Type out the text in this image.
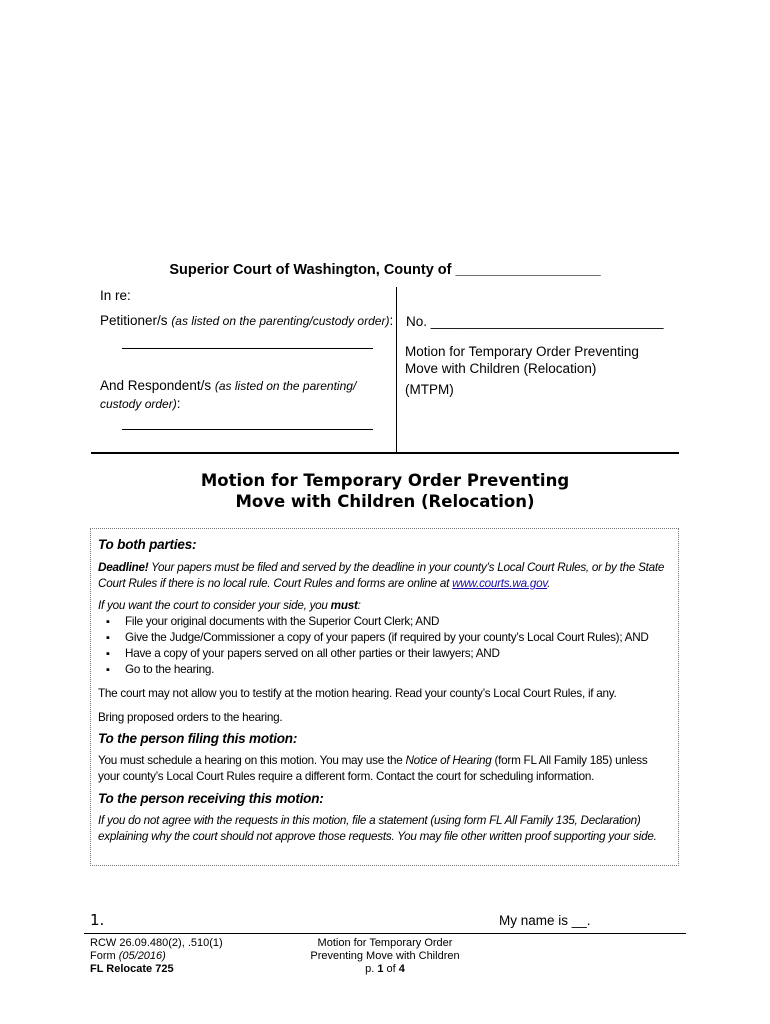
Superior Court of Washington, County of __________________
In re:
Petitioner/s (as listed on the parenting/custody order):
And Respondent/s (as listed on the parenting/ custody order):
No. _______________________________
Motion for Temporary Order Preventing
Move with Children (Relocation)
(MTPM)
Motion for Temporary Order Preventing
Move with Children (Relocation)

To both parties:

Deadline! Your papers must be filed and served by the deadline in your county’s Local Court Rules, or by the State Court Rules if there is no local rule. Court Rules and forms are online at www.courts.wa.gov.

If you want the court to consider your side, you must:

▪ File your original documents with the Superior Court Clerk; AND
▪ Give the Judge/Commissioner a copy of your papers (if required by your county’s Local Court Rules); AND
▪ Have a copy of your papers served on all other parties or their lawyers; AND
▪ Go to the hearing.

The court may not allow you to testify at the motion hearing. Read your county’s Local Court Rules, if any.

Bring proposed orders to the hearing.

To the person filing this motion:

You must schedule a hearing on this motion. You may use the Notice of Hearing (form FL All Family 185) unless your county’s Local Court Rules require a different form. Contact the court for scheduling information.

To the person receiving this motion:

If you do not agree with the requests in this motion, file a statement (using form FL All Family 135, Declaration) explaining why the court should not approve those requests. You may file other written proof supporting your side.

1.	My name is __.
RCW 26.09.480(2), .510(1)
Form (05/2016)
FL Relocate 725
Motion for Temporary Order
Preventing Move with Children
p. 1 of 4
